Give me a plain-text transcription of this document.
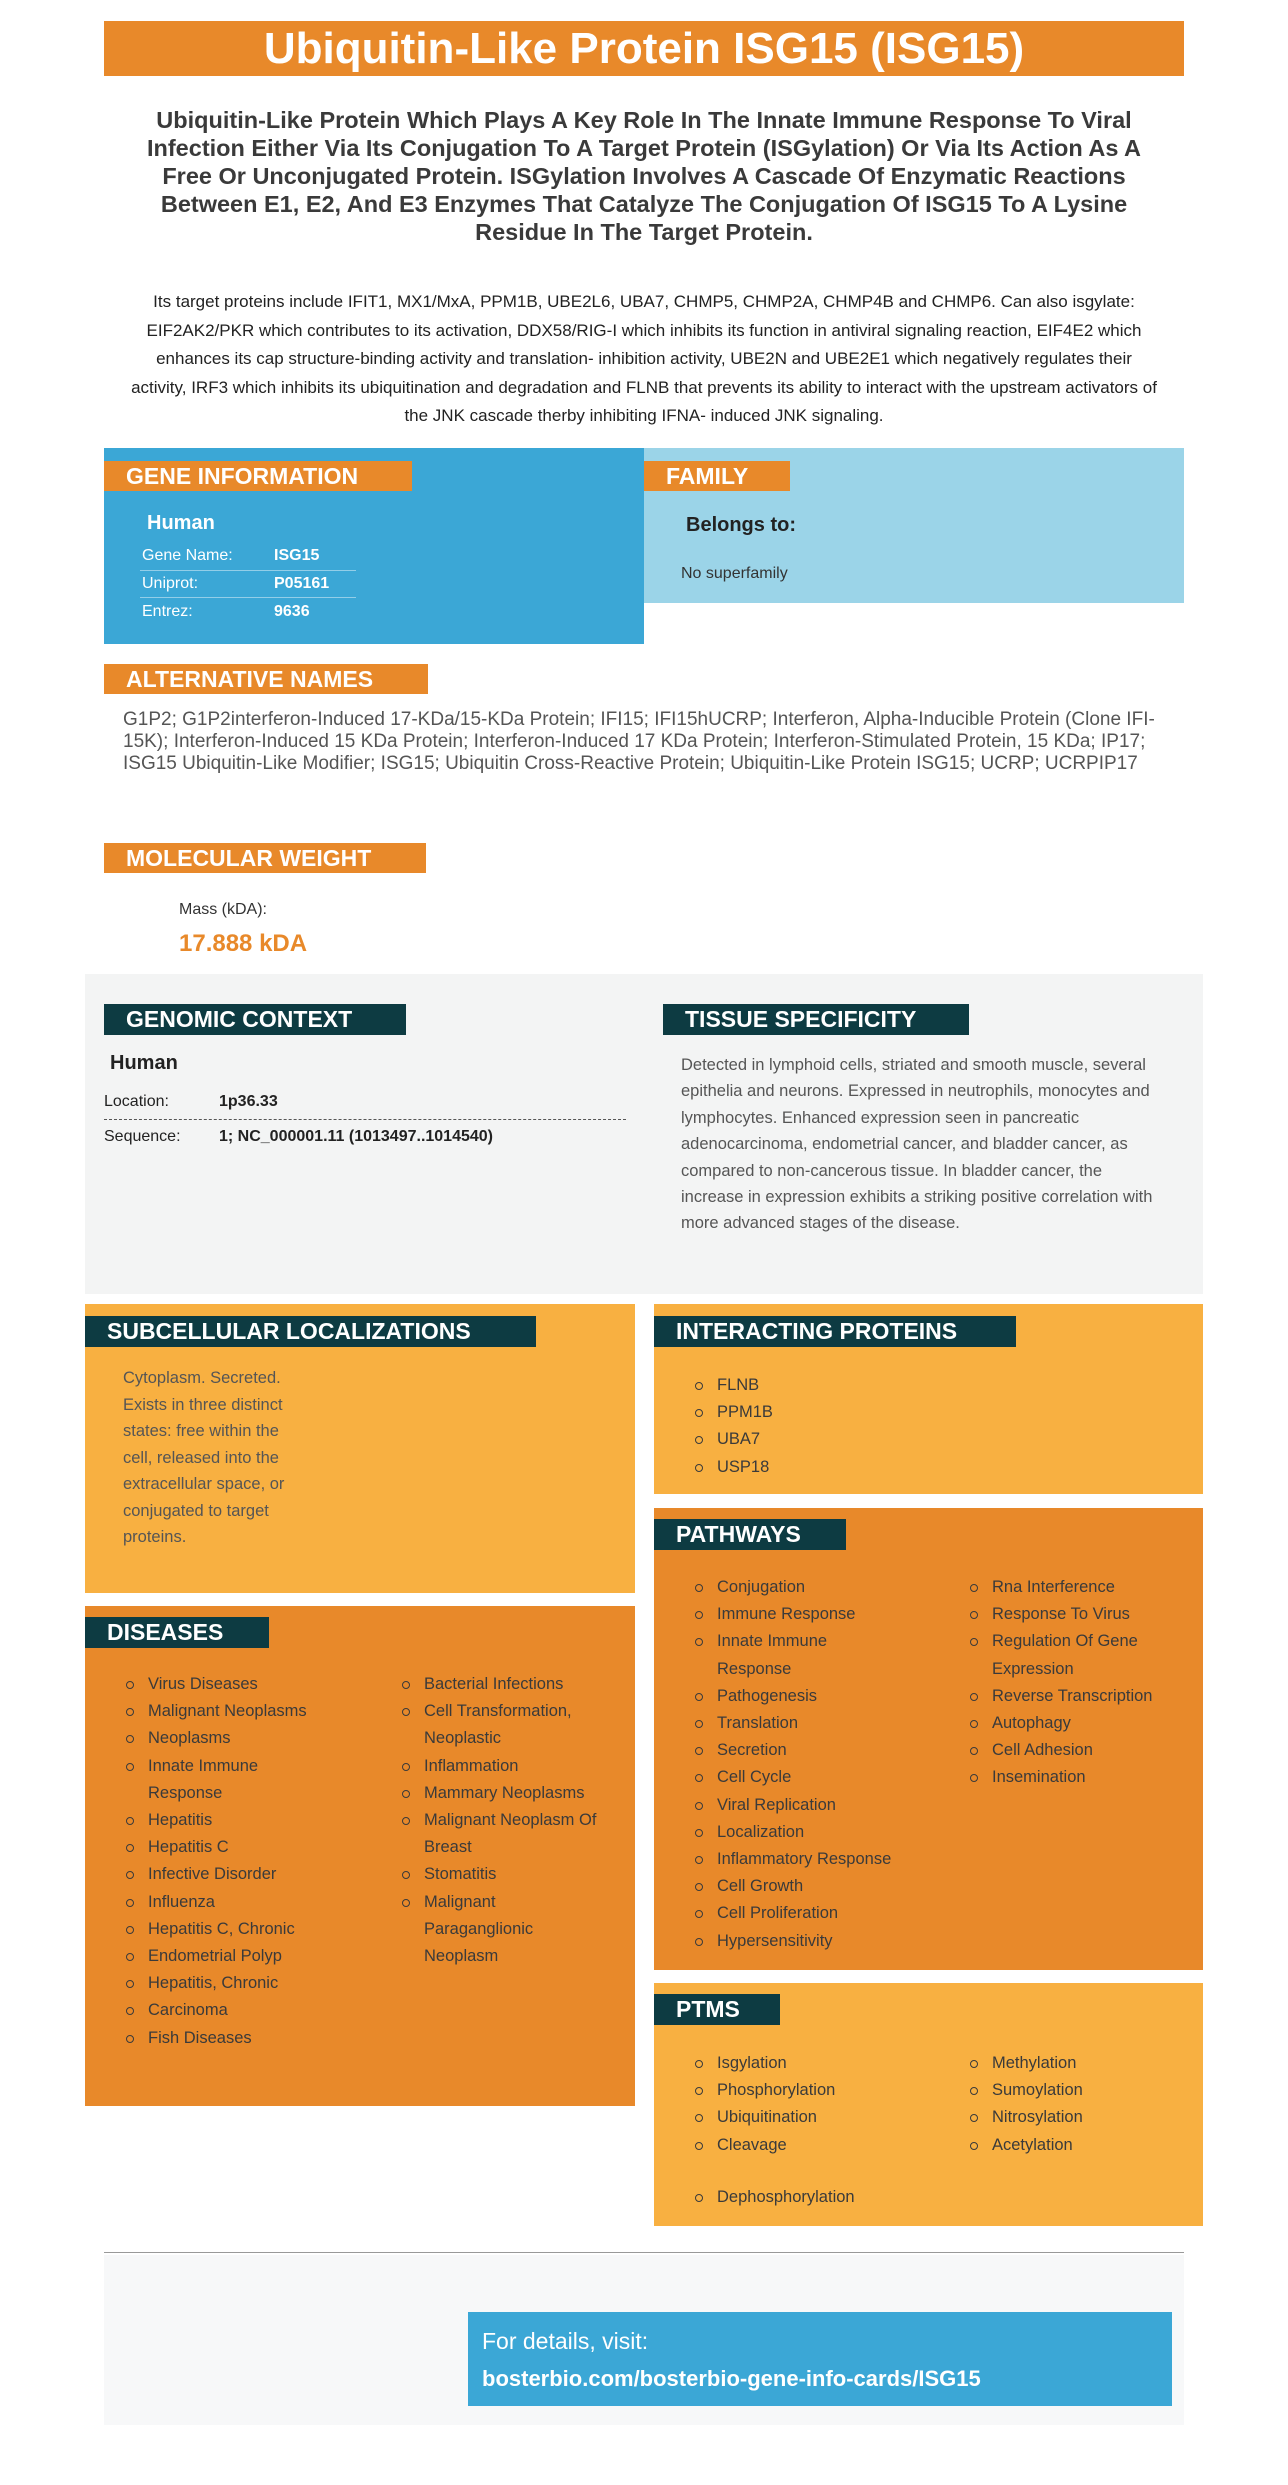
Ubiquitin-Like Protein ISG15 (ISG15)
Ubiquitin-Like Protein Which Plays A Key Role In The Innate Immune Response To Viral Infection Either Via Its Conjugation To A Target Protein (ISGylation) Or Via Its Action As A Free Or Unconjugated Protein. ISGylation Involves A Cascade Of Enzymatic Reactions Between E1, E2, And E3 Enzymes That Catalyze The Conjugation Of ISG15 To A Lysine Residue In The Target Protein.
Its target proteins include IFIT1, MX1/MxA, PPM1B, UBE2L6, UBA7, CHMP5, CHMP2A, CHMP4B and CHMP6. Can also isgylate: EIF2AK2/PKR which contributes to its activation, DDX58/RIG-I which inhibits its function in antiviral signaling reaction, EIF4E2 which enhances its cap structure-binding activity and translation- inhibition activity, UBE2N and UBE2E1 which negatively regulates their activity, IRF3 which inhibits its ubiquitination and degradation and FLNB that prevents its ability to interact with the upstream activators of the JNK cascade therby inhibiting IFNA- induced JNK signaling.
GENE INFORMATION
Human
Gene Name:	ISG15
Uniprot:	P05161
Entrez:	9636
FAMILY
Belongs to:
No superfamily
ALTERNATIVE NAMES
G1P2; G1P2interferon-Induced 17-KDa/15-KDa Protein; IFI15; IFI15hUCRP; Interferon, Alpha-Inducible Protein (Clone IFI-15K); Interferon-Induced 15 KDa Protein; Interferon-Induced 17 KDa Protein; Interferon-Stimulated Protein, 15 KDa; IP17; ISG15 Ubiquitin-Like Modifier; ISG15; Ubiquitin Cross-Reactive Protein; Ubiquitin-Like Protein ISG15; UCRP; UCRPIP17
MOLECULAR WEIGHT
Mass (kDA):
17.888 kDA
GENOMIC CONTEXT
Human
Location:	1p36.33
Sequence:	1; NC_000001.11 (1013497..1014540)
TISSUE SPECIFICITY
Detected in lymphoid cells, striated and smooth muscle, several epithelia and neurons. Expressed in neutrophils, monocytes and lymphocytes. Enhanced expression seen in pancreatic adenocarcinoma, endometrial cancer, and bladder cancer, as compared to non-cancerous tissue. In bladder cancer, the increase in expression exhibits a striking positive correlation with more advanced stages of the disease.
SUBCELLULAR LOCALIZATIONS
Cytoplasm. Secreted. Exists in three distinct states: free within the cell, released into the extracellular space, or conjugated to target proteins.
INTERACTING PROTEINS
FLNB
PPM1B
UBA7
USP18
PATHWAYS
Conjugation
Immune Response
Innate Immune Response
Pathogenesis
Translation
Secretion
Cell Cycle
Viral Replication
Localization
Inflammatory Response
Cell Growth
Cell Proliferation
Hypersensitivity
Rna Interference
Response To Virus
Regulation Of Gene Expression
Reverse Transcription
Autophagy
Cell Adhesion
Insemination
DISEASES
Virus Diseases
Malignant Neoplasms
Neoplasms
Innate Immune Response
Hepatitis
Hepatitis C
Infective Disorder
Influenza
Hepatitis C, Chronic
Endometrial Polyp
Hepatitis, Chronic
Carcinoma
Fish Diseases
Bacterial Infections
Cell Transformation, Neoplastic
Inflammation
Mammary Neoplasms
Malignant Neoplasm Of Breast
Stomatitis
Malignant Paraganglionic Neoplasm
PTMS
Isgylation
Phosphorylation
Ubiquitination
Cleavage
Methylation
Sumoylation
Nitrosylation
Acetylation
Dephosphorylation
For details, visit:
bosterbio.com/bosterbio-gene-info-cards/ISG15
